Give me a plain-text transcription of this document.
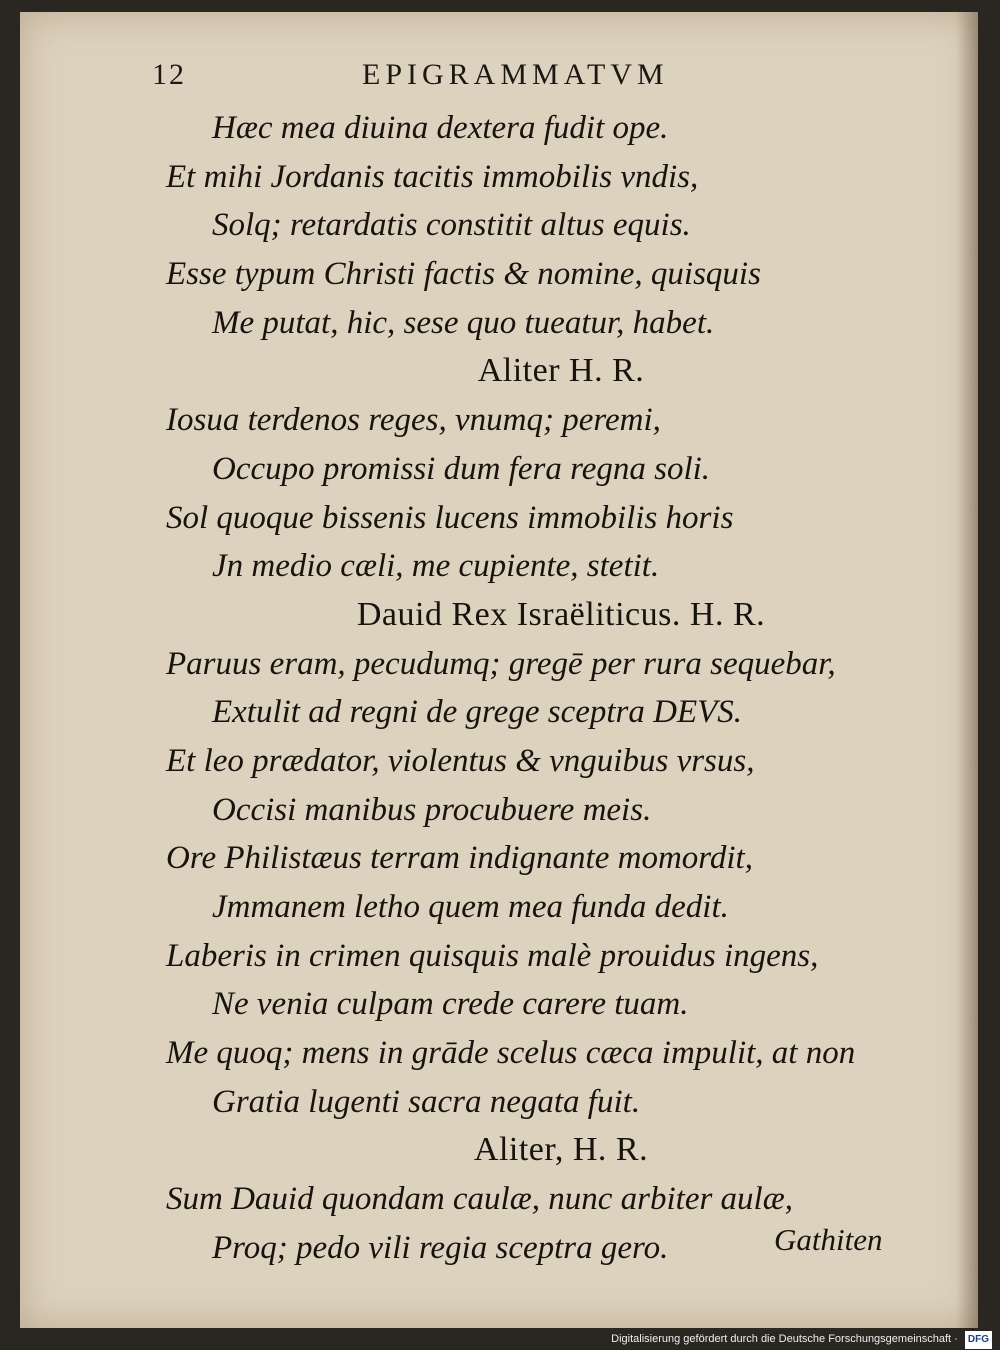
12	EPIGRAMMATVM
Hæc mea diuina dextera fudit ope.
Et mihi Jordanis tacitis immobilis vndis,
Solq; retardatis constitit altus equis.
Esse typum Christi factis & nomine, quisquis
Me putat, hic, sese quo tueatur, habet.
Aliter H. R.
Iosua terdenos reges, vnumq; peremi,
Occupo promissi dum fera regna soli.
Sol quoque bissenis lucens immobilis horis
Jn medio cæli, me cupiente, stetit.
Dauid Rex Israëliticus. H. R.
Paruus eram, pecudumq; gregē per rura sequebar,
Extulit ad regni de grege sceptra DEVS.
Et leo prædator, violentus & vnguibus vrsus,
Occisi manibus procubuere meis.
Ore Philistæus terram indignante momordit,
Jmmanem letho quem mea funda dedit.
Laberis in crimen quisquis malè prouidus ingens,
Ne venia culpam crede carere tuam.
Me quoq; mens in grāde scelus cæca impulit, at non
Gratia lugenti sacra negata fuit.
Aliter, H. R.
Sum Dauid quondam caulæ, nunc arbiter aulæ,
Proq; pedo vili regia sceptra gero.	Gathiten
Digitalisierung gefördert durch die Deutsche Forschungsgemeinschaft · DFG
